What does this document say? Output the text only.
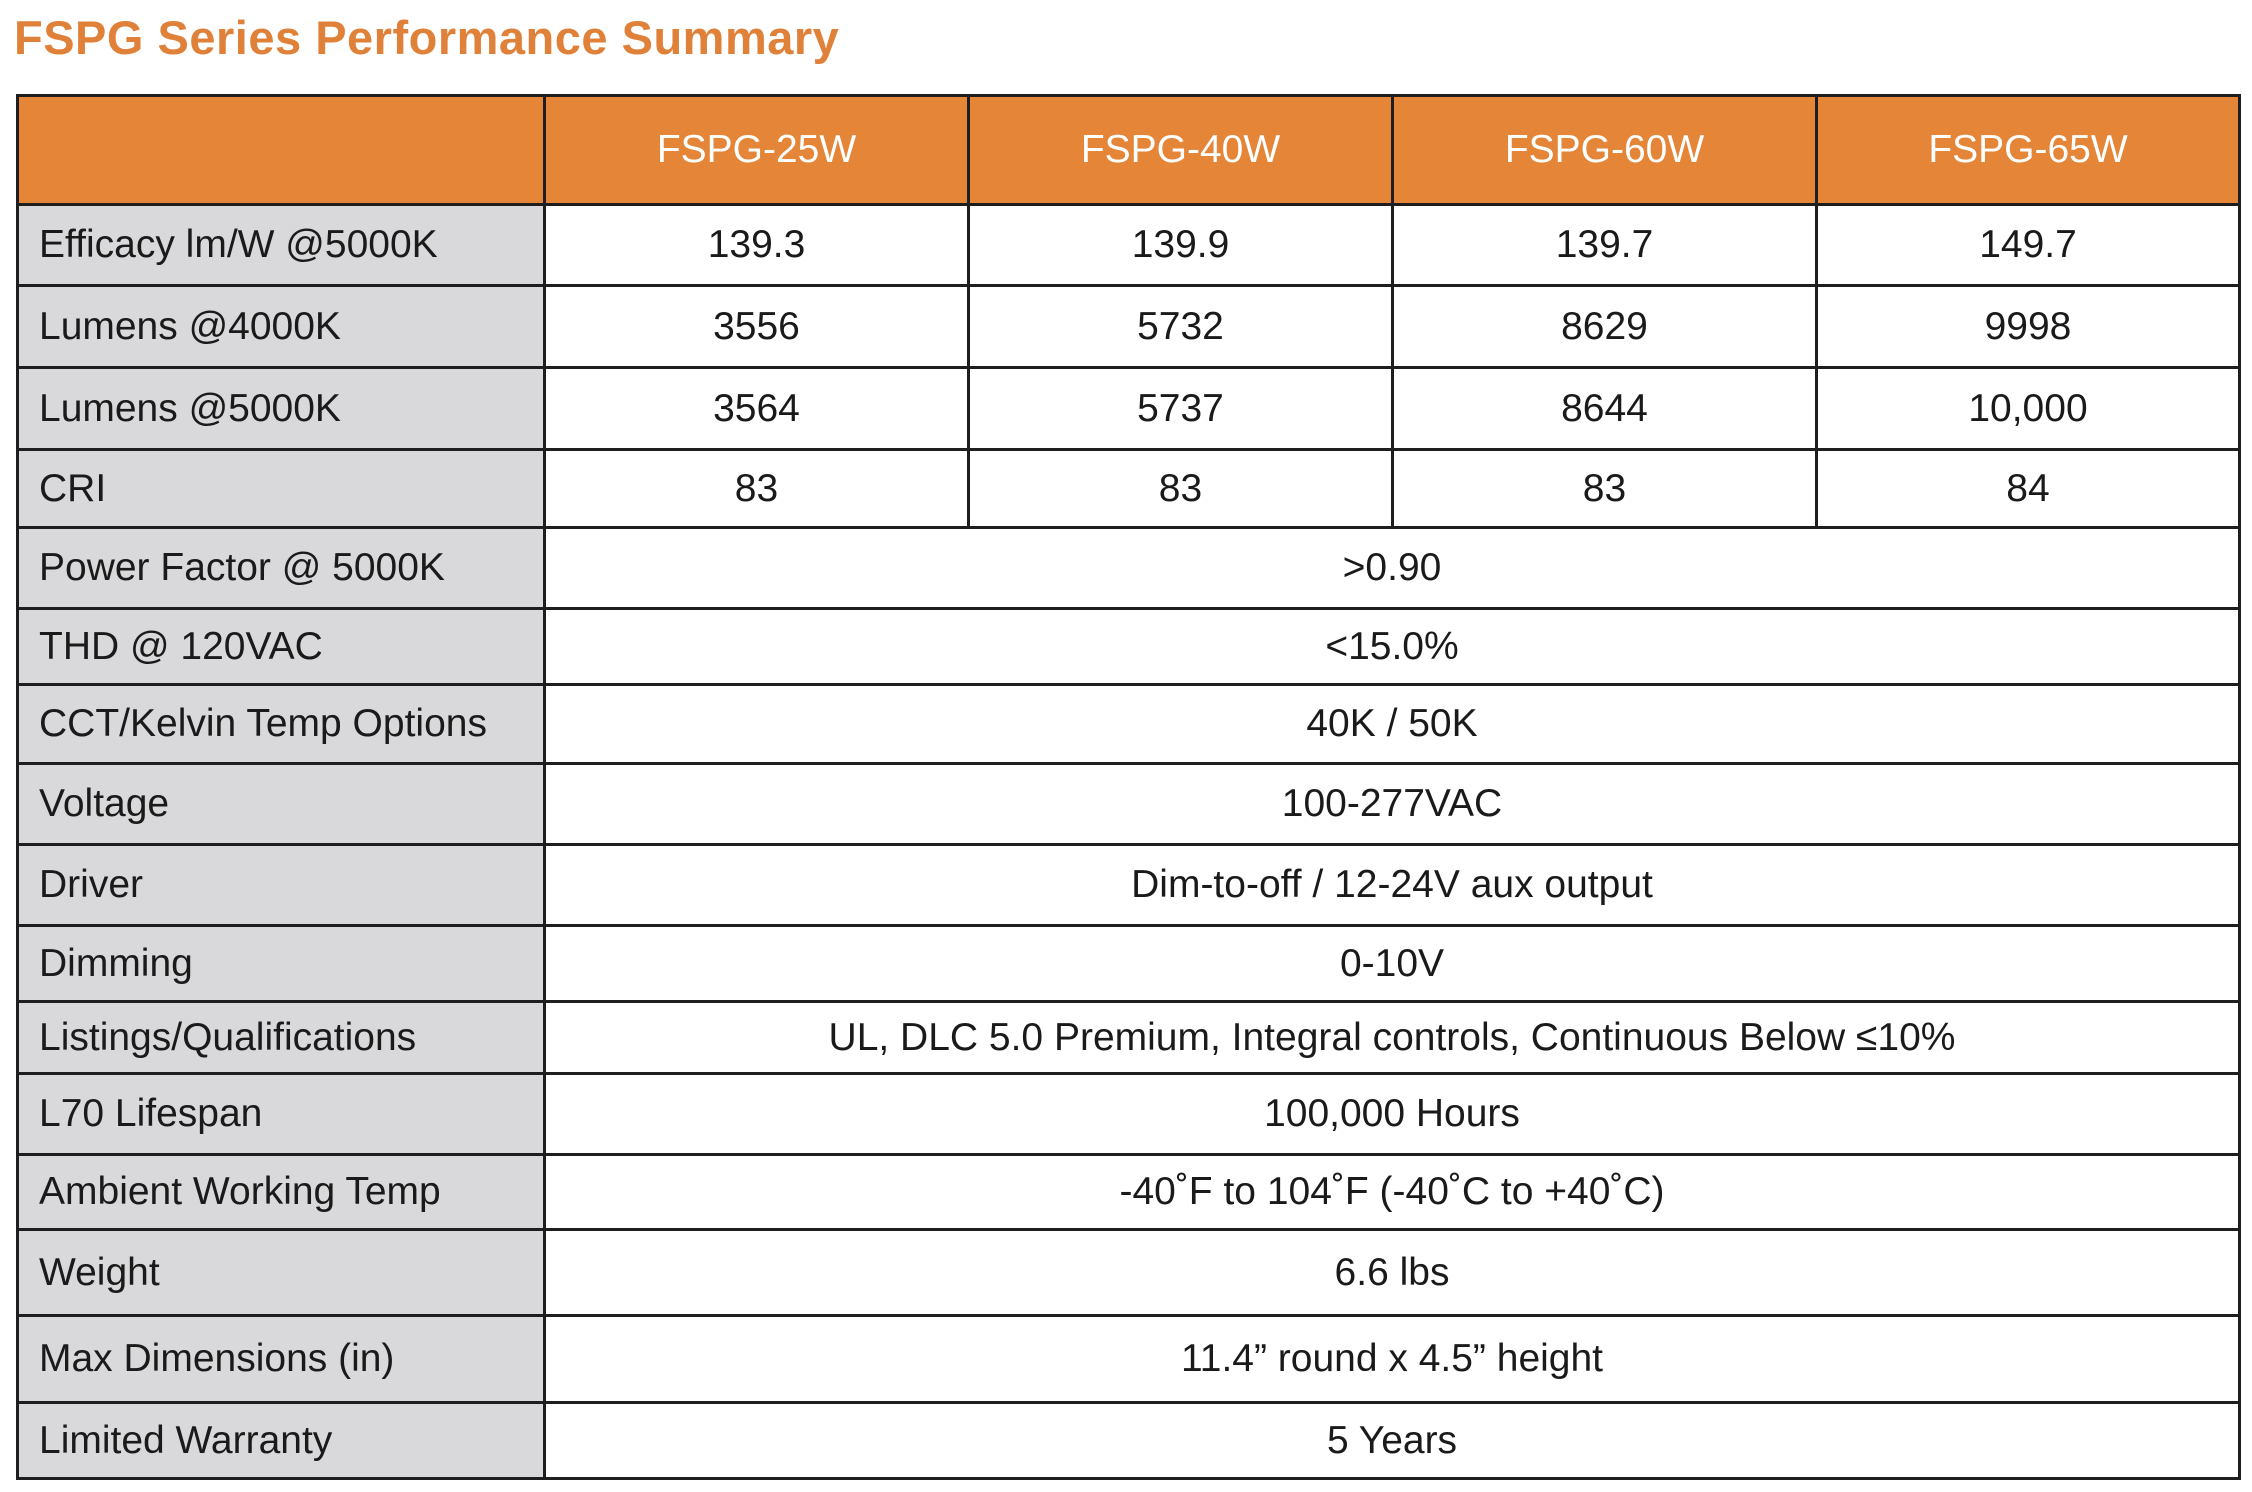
FSPG Series Performance Summary
	FSPG-25W	FSPG-40W	FSPG-60W	FSPG-65W
Efficacy lm/W @5000K	139.3	139.9	139.7	149.7
Lumens @4000K	3556	5732	8629	9998
Lumens @5000K	3564	5737	8644	10,000
CRI	83	83	83	84
Power Factor @ 5000K	>0.90			
THD @ 120VAC	<15.0%			
CCT/Kelvin Temp Options	40K / 50K			
Voltage	100-277VAC			
Driver	Dim-to-off / 12-24V aux output			
Dimming	0-10V			
Listings/Qualifications	UL, DLC 5.0 Premium, Integral controls, Continuous Below ≤10%			
L70 Lifespan	100,000 Hours			
Ambient Working Temp	-40˚F to 104˚F (-40˚C to +40˚C)			
Weight	6.6 lbs			
Max Dimensions (in)	11.4” round x 4.5” height			
Limited Warranty	5 Years			
